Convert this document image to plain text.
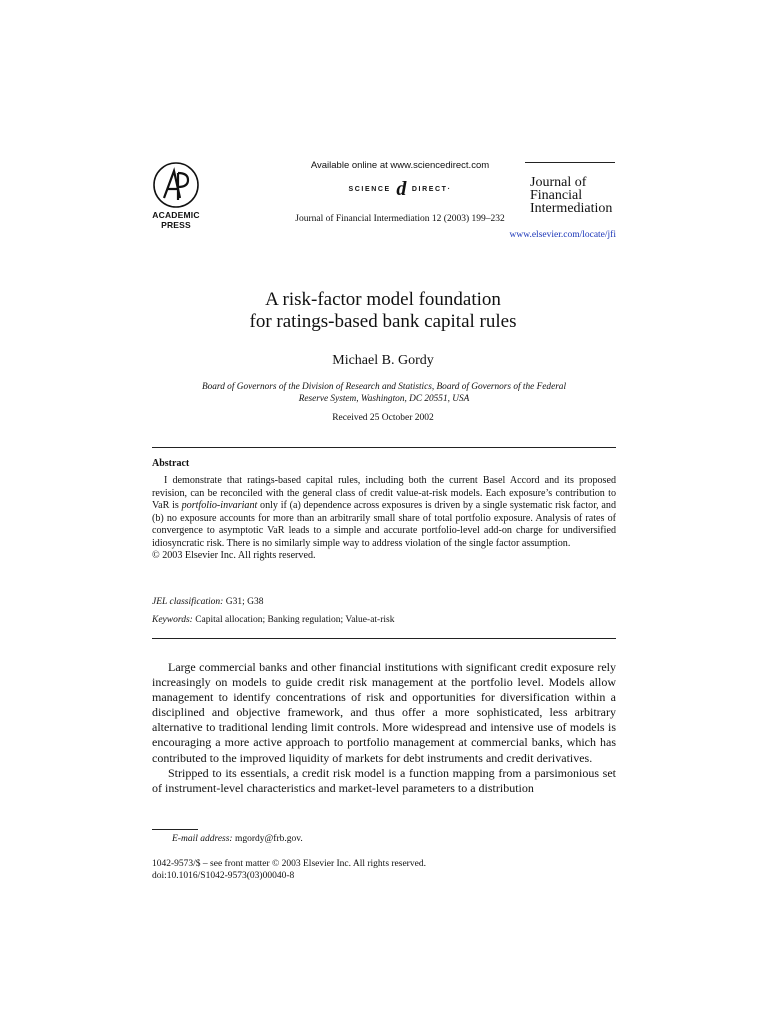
ACADEMIC
PRESS
Available online at www.sciencedirect.com
SCIENCE d DIRECT·
Journal of Financial Intermediation 12 (2003) 199–232
Journal of
Financial
Intermediation
www.elsevier.com/locate/jfi
A risk-factor model foundation
for ratings-based bank capital rules
Michael B. Gordy
Board of Governors of the Division of Research and Statistics, Board of Governors of the Federal
Reserve System, Washington, DC 20551, USA
Received 25 October 2002
Abstract

I demonstrate that ratings-based capital rules, including both the current Basel Accord and its proposed revision, can be reconciled with the general class of credit value-at-risk models. Each exposure’s contribution to VaR is portfolio-invariant only if (a) dependence across exposures is driven by a single systematic risk factor, and (b) no exposure accounts for more than an arbitrarily small share of total portfolio exposure. Analysis of rates of convergence to asymptotic VaR leads to a simple and accurate portfolio-level add-on charge for undiversified idiosyncratic risk. There is no similarly simple way to address violation of the single factor assumption.

© 2003 Elsevier Inc. All rights reserved.

JEL classification: G31; G38
Keywords: Capital allocation; Banking regulation; Value-at-risk

Large commercial banks and other financial institutions with significant credit exposure rely increasingly on models to guide credit risk management at the portfolio level. Models allow management to identify concentrations of risk and opportunities for diversification within a disciplined and objective framework, and thus offer a more sophisticated, less arbitrary alternative to traditional lending limit controls. More widespread and intensive use of models is encouraging a more active approach to portfolio management at commercial banks, which has contributed to the improved liquidity of markets for debt instruments and credit derivatives.

Stripped to its essentials, a credit risk model is a function mapping from a parsimonious set of instrument-level characteristics and market-level parameters to a distribution

E-mail address: mgordy@frb.gov.
1042-9573/$ – see front matter © 2003 Elsevier Inc. All rights reserved.
doi:10.1016/S1042-9573(03)00040-8
